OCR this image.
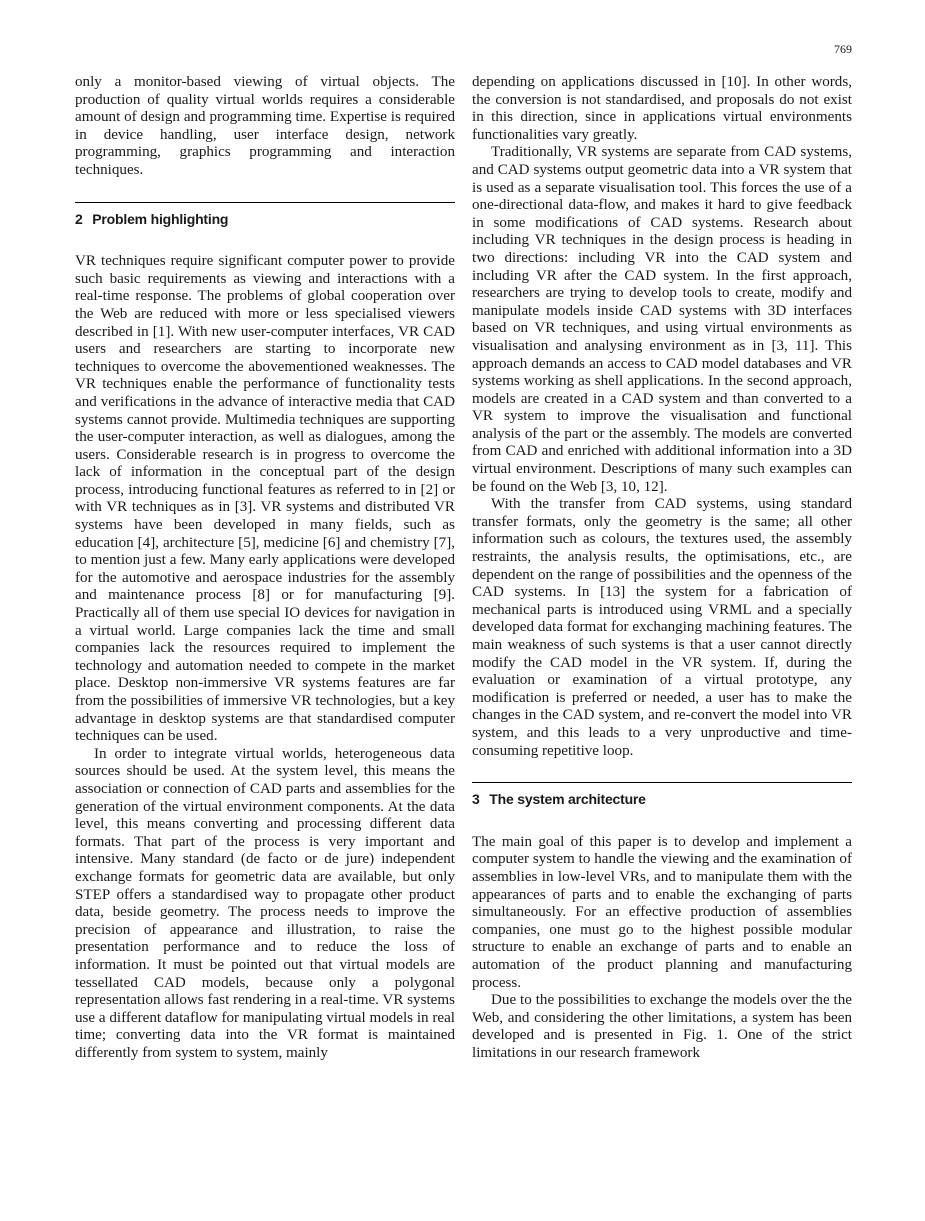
769

only a monitor-based viewing of virtual objects. The production of quality virtual worlds requires a considerable amount of design and programming time. Expertise is required in device handling, user interface design, network programming, graphics programming and interaction techniques.

2 Problem highlighting

VR techniques require significant computer power to provide such basic requirements as viewing and interactions with a real-time response. The problems of global cooperation over the Web are reduced with more or less specialised viewers described in [1]. With new user-computer interfaces, VR CAD users and researchers are starting to incorporate new techniques to overcome the abovementioned weaknesses. The VR techniques enable the performance of functionality tests and verifications in the advance of interactive media that CAD systems cannot provide. Multimedia techniques are supporting the user-computer interaction, as well as dialogues, among the users. Considerable research is in progress to overcome the lack of information in the conceptual part of the design process, introducing functional features as referred to in [2] or with VR techniques as in [3]. VR systems and distributed VR systems have been developed in many fields, such as education [4], architecture [5], medicine [6] and chemistry [7], to mention just a few. Many early applications were developed for the automotive and aerospace industries for the assembly and maintenance process [8] or for manufacturing [9]. Practically all of them use special IO devices for navigation in a virtual world. Large companies lack the time and small companies lack the resources required to implement the technology and automation needed to compete in the market place. Desktop non-immersive VR systems features are far from the possibilities of immersive VR technologies, but a key advantage in desktop systems are that standardised computer techniques can be used.

In order to integrate virtual worlds, heterogeneous data sources should be used. At the system level, this means the association or connection of CAD parts and assemblies for the generation of the virtual environment components. At the data level, this means converting and processing different data formats. That part of the process is very important and intensive. Many standard (de facto or de jure) independent exchange formats for geometric data are available, but only STEP offers a standardised way to propagate other product data, beside geometry. The process needs to improve the precision of appearance and illustration, to raise the presentation performance and to reduce the loss of information. It must be pointed out that virtual models are tessellated CAD models, because only a polygonal representation allows fast rendering in a real-time. VR systems use a different dataflow for manipulating virtual models in real time; converting data into the VR format is maintained differently from system to system, mainly

depending on applications discussed in [10]. In other words, the conversion is not standardised, and proposals do not exist in this direction, since in applications virtual environments functionalities vary greatly.

Traditionally, VR systems are separate from CAD systems, and CAD systems output geometric data into a VR system that is used as a separate visualisation tool. This forces the use of a one-directional data-flow, and makes it hard to give feedback in some modifications of CAD systems. Research about including VR techniques in the design process is heading in two directions: including VR into the CAD system and including VR after the CAD system. In the first approach, researchers are trying to develop tools to create, modify and manipulate models inside CAD systems with 3D interfaces based on VR techniques, and using virtual environments as visualisation and analysing environment as in [3, 11]. This approach demands an access to CAD model databases and VR systems working as shell applications. In the second approach, models are created in a CAD system and than converted to a VR system to improve the visualisation and functional analysis of the part or the assembly. The models are converted from CAD and enriched with additional information into a 3D virtual environment. Descriptions of many such examples can be found on the Web [3, 10, 12].

With the transfer from CAD systems, using standard transfer formats, only the geometry is the same; all other information such as colours, the textures used, the assembly restraints, the analysis results, the optimisations, etc., are dependent on the range of possibilities and the openness of the CAD systems. In [13] the system for a fabrication of mechanical parts is introduced using VRML and a specially developed data format for exchanging machining features. The main weakness of such systems is that a user cannot directly modify the CAD model in the VR system. If, during the evaluation or examination of a virtual prototype, any modification is preferred or needed, a user has to make the changes in the CAD system, and re-convert the model into VR system, and this leads to a very unproductive and time-consuming repetitive loop.

3 The system architecture

The main goal of this paper is to develop and implement a computer system to handle the viewing and the examination of assemblies in low-level VRs, and to manipulate them with the appearances of parts and to enable the exchanging of parts simultaneously. For an effective production of assemblies companies, one must go to the highest possible modular structure to enable an exchange of parts and to enable an automation of the product planning and manufacturing process.

Due to the possibilities to exchange the models over the the Web, and considering the other limitations, a system has been developed and is presented in Fig. 1. One of the strict limitations in our research framework
